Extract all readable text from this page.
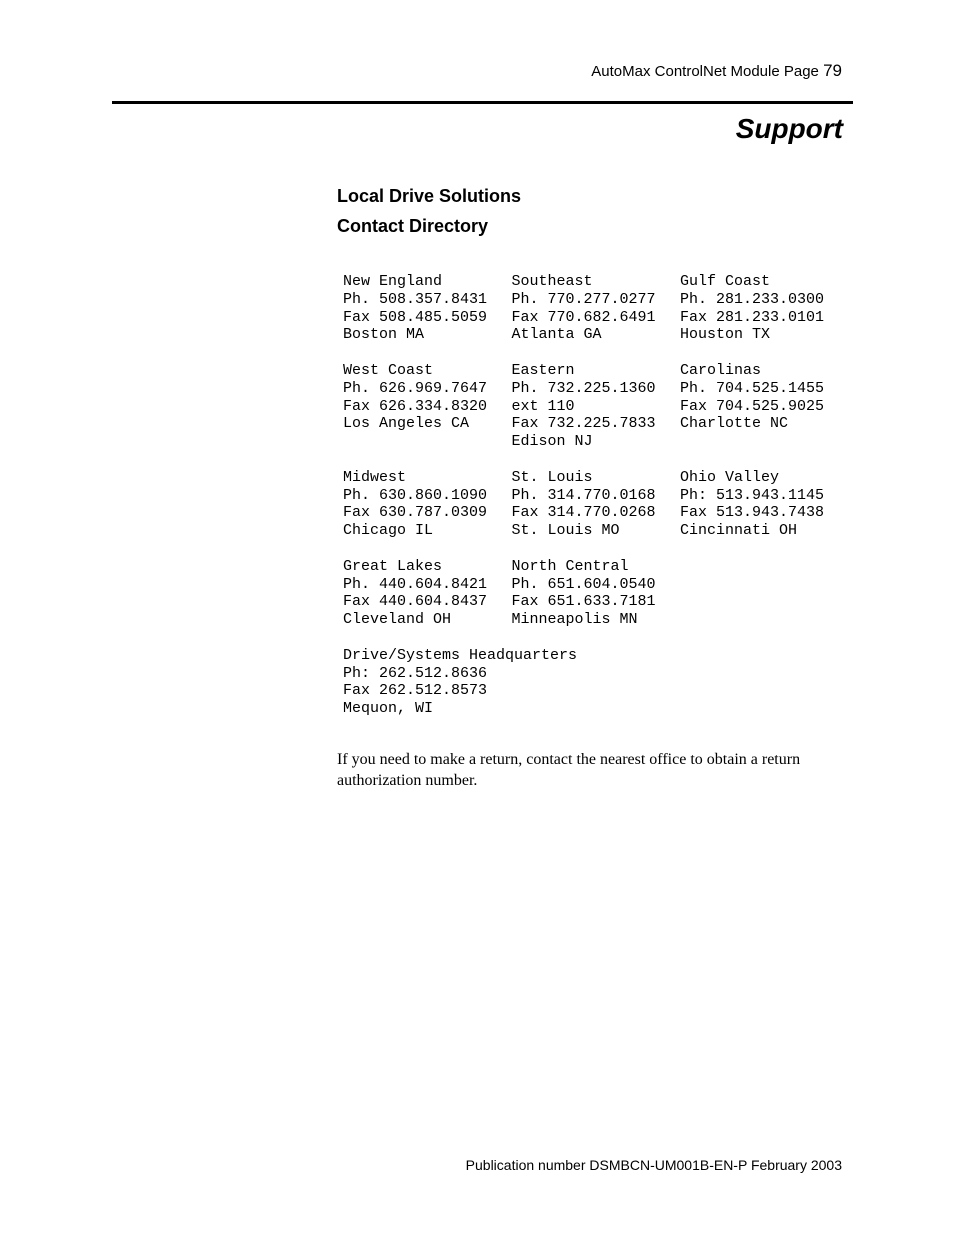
AutoMax ControlNet Module Page 79
Support
Local Drive Solutions
Contact Directory
New England
Ph. 508.357.8431
Fax 508.485.5059
Boston MA
Southeast
Ph. 770.277.0277
Fax 770.682.6491
Atlanta GA
Gulf Coast
Ph. 281.233.0300
Fax 281.233.0101
Houston TX
West Coast
Ph. 626.969.7647
Fax 626.334.8320
Los Angeles CA
Eastern
Ph. 732.225.1360
ext 110
Fax 732.225.7833
Edison NJ
Carolinas
Ph. 704.525.1455
Fax 704.525.9025
Charlotte NC
Midwest
Ph. 630.860.1090
Fax 630.787.0309
Chicago IL
St. Louis
Ph. 314.770.0168
Fax 314.770.0268
St. Louis MO
Ohio Valley
Ph: 513.943.1145
Fax 513.943.7438
Cincinnati OH
Great Lakes
Ph. 440.604.8421
Fax 440.604.8437
Cleveland OH
North Central
Ph. 651.604.0540
Fax 651.633.7181
Minneapolis MN
Drive/Systems Headquarters
Ph: 262.512.8636
Fax 262.512.8573
Mequon, WI
If you need to make a return, contact the nearest office to obtain a return authorization number.
Publication number DSMBCN-UM001B-EN-P February 2003
